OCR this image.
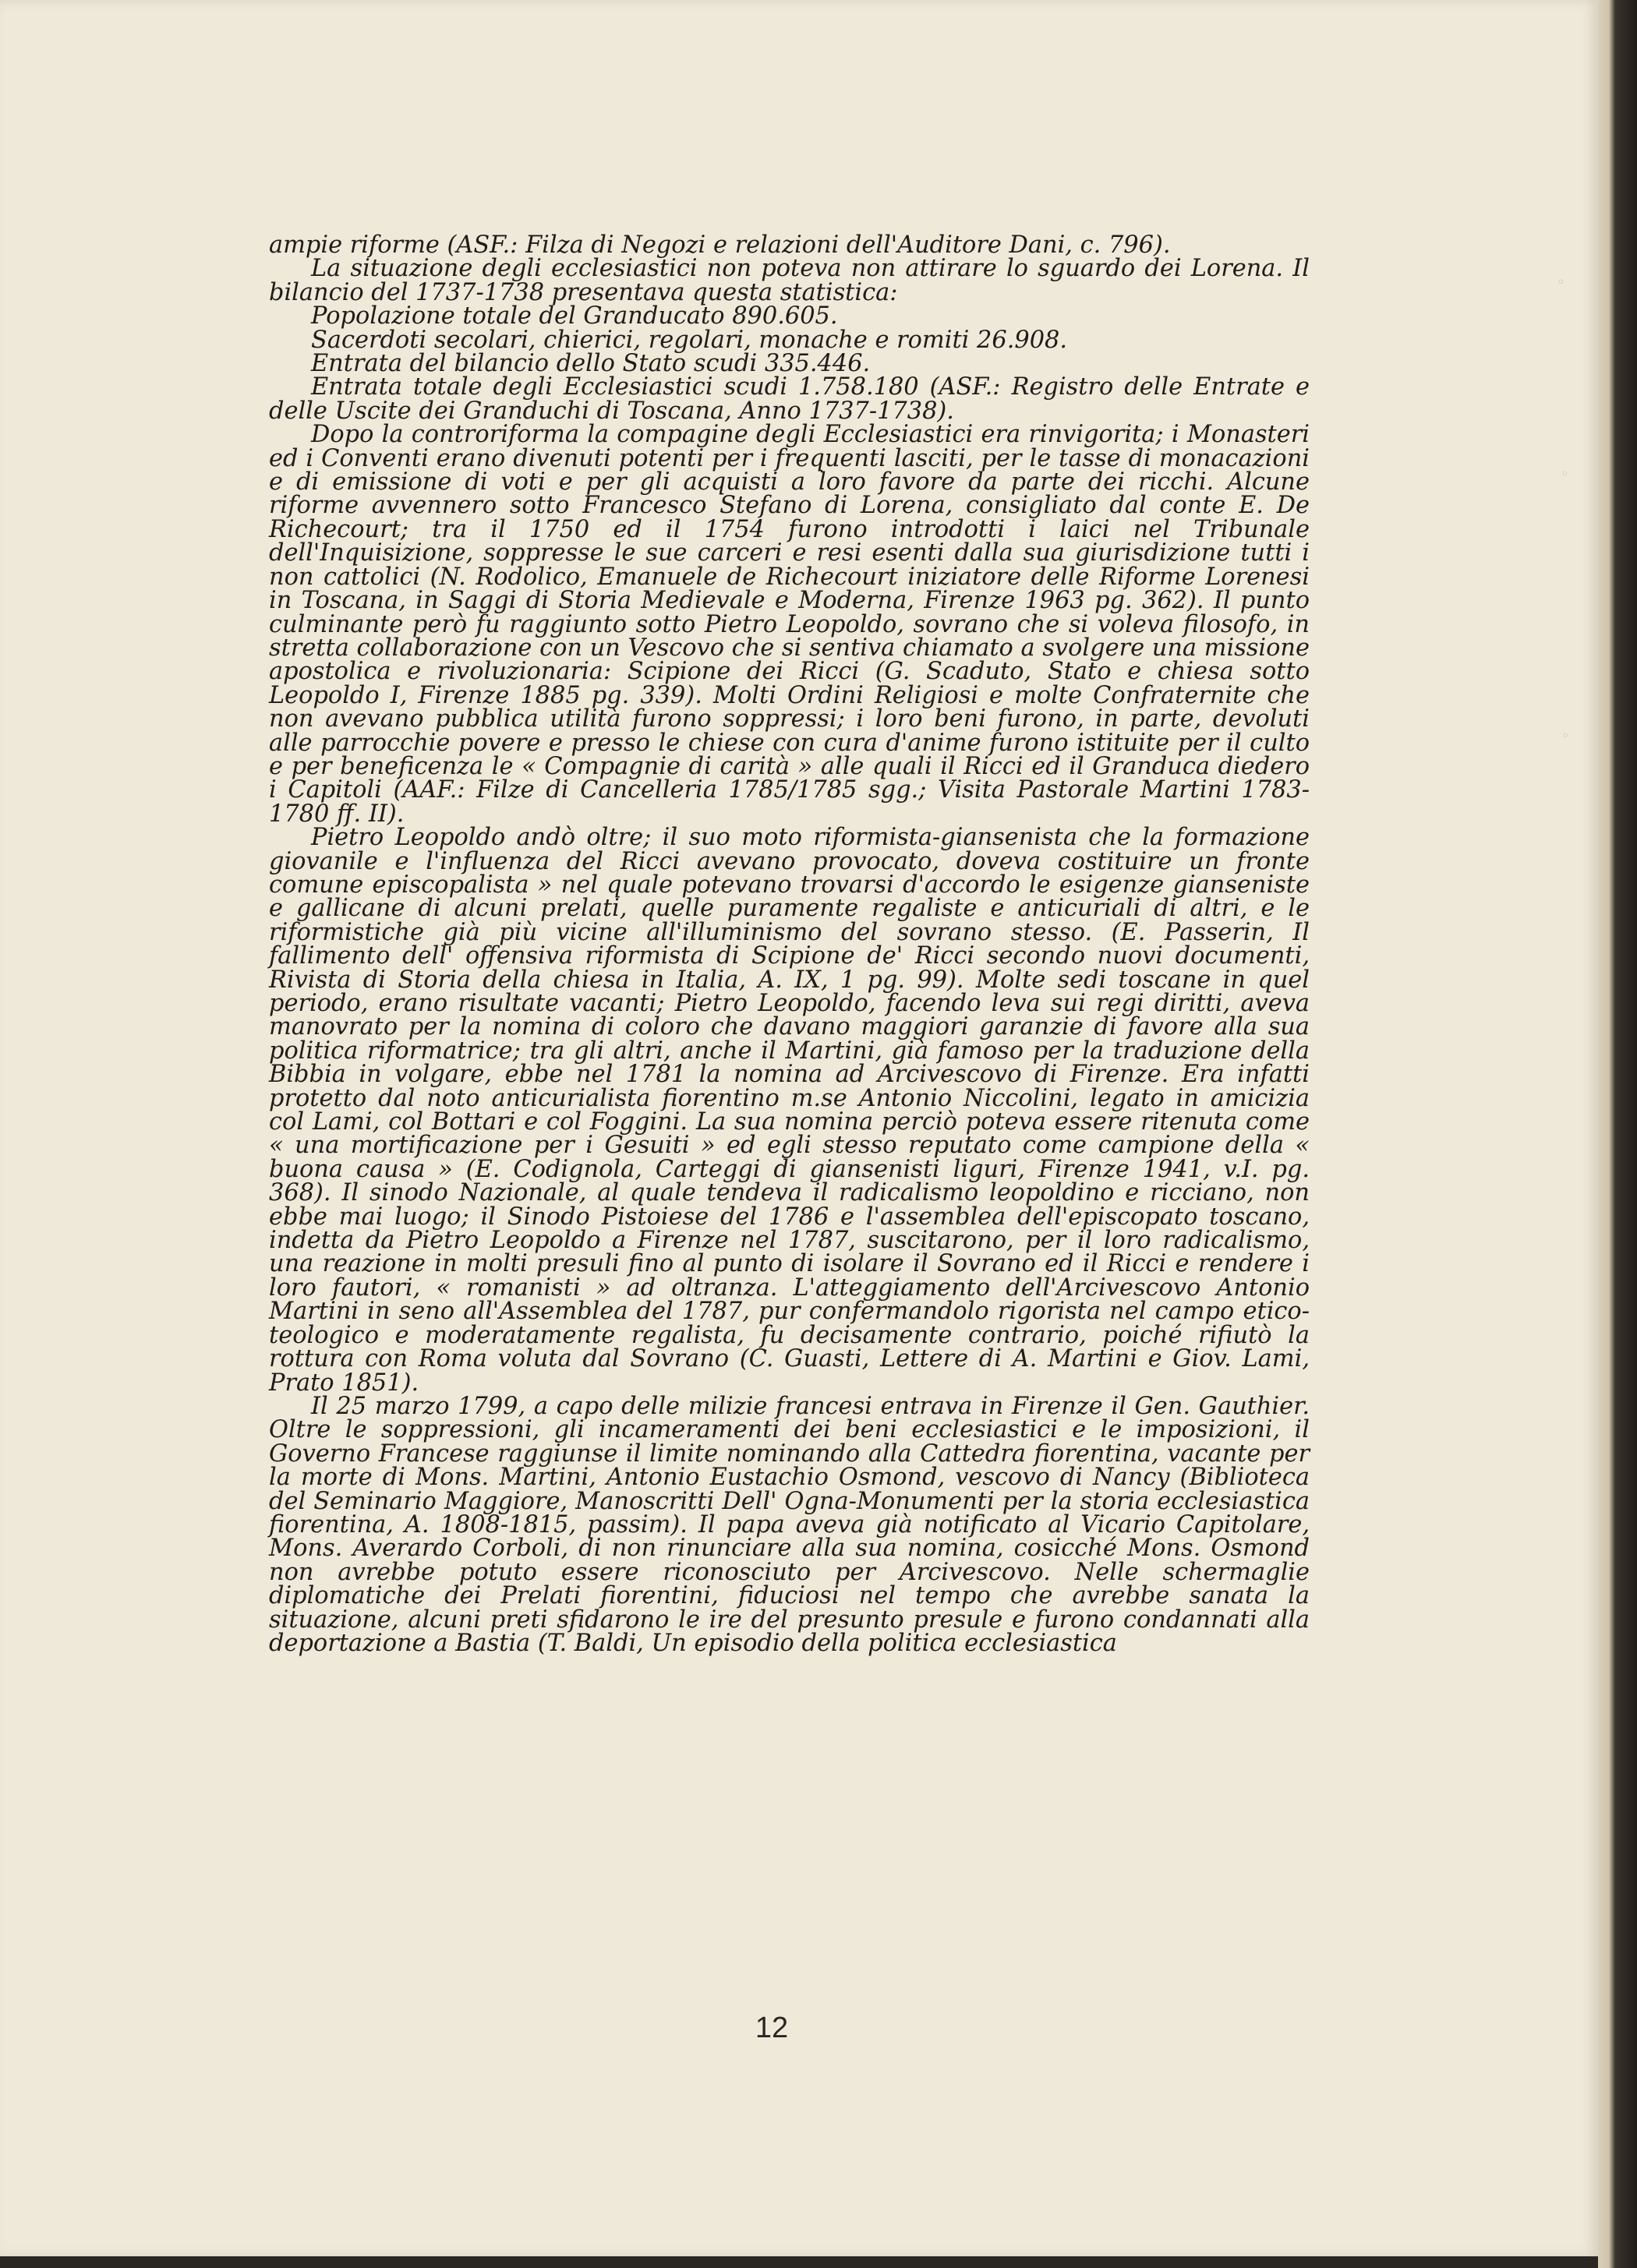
ampie riforme (ASF.: Filza di Negozi e relazioni dell'Auditore Dani, c. 796).

La situazione degli ecclesiastici non poteva non attirare lo sguardo dei Lorena. Il bilancio del 1737-1738 presentava questa statistica:

Popolazione totale del Granducato 890.605.

Sacerdoti secolari, chierici, regolari, monache e romiti 26.908.

Entrata del bilancio dello Stato scudi 335.446.

Entrata totale degli Ecclesiastici scudi 1.758.180 (ASF.: Registro delle Entrate e delle Uscite dei Granduchi di Toscana, Anno 1737-1738).

Dopo la controriforma la compagine degli Ecclesiastici era rinvigorita; i Monasteri ed i Conventi erano divenuti potenti per i frequenti lasciti, per le tasse di monacazioni e di emissione di voti e per gli acquisti a loro favore da parte dei ricchi. Alcune riforme avvennero sotto Francesco Stefano di Lorena, consigliato dal conte E. De Richecourt; tra il 1750 ed il 1754 furono introdotti i laici nel Tribunale dell'Inquisizione, soppresse le sue carceri e resi esenti dalla sua giurisdizione tutti i non cattolici (N. Rodolico, Emanuele de Richecourt iniziatore delle Riforme Lorenesi in Toscana, in Saggi di Storia Medievale e Moderna, Firenze 1963 pg. 362). Il punto culminante però fu raggiunto sotto Pietro Leopoldo, sovrano che si voleva filosofo, in stretta collaborazione con un Vescovo che si sentiva chiamato a svolgere una missione apostolica e rivoluzionaria: Scipione dei Ricci (G. Scaduto, Stato e chiesa sotto Leopoldo I, Firenze 1885 pg. 339). Molti Ordini Religiosi e molte Confraternite che non avevano pubblica utilità furono soppressi; i loro beni furono, in parte, devoluti alle parrocchie povere e presso le chiese con cura d'anime furono istituite per il culto e per beneficenza le « Compagnie di carità » alle quali il Ricci ed il Granduca diedero i Capitoli (AAF.: Filze di Cancelleria 1785/1785 sgg.; Visita Pastorale Martini 1783-1780 ff. II).

Pietro Leopoldo andò oltre; il suo moto riformista-giansenista che la formazione giovanile e l'influenza del Ricci avevano provocato, doveva costituire un fronte comune episcopalista » nel quale potevano trovarsi d'accordo le esigenze gianseniste e gallicane di alcuni prelati, quelle puramente regaliste e anticuriali di altri, e le riformistiche già più vicine all'illuminismo del sovrano stesso. (E. Passerin, Il fallimento dell' offensiva riformista di Scipione de' Ricci secondo nuovi documenti, Rivista di Storia della chiesa in Italia, A. IX, 1 pg. 99). Molte sedi toscane in quel periodo, erano risultate vacanti; Pietro Leopoldo, facendo leva sui regi diritti, aveva manovrato per la nomina di coloro che davano maggiori garanzie di favore alla sua politica riformatrice; tra gli altri, anche il Martini, già famoso per la traduzione della Bibbia in volgare, ebbe nel 1781 la nomina ad Arcivescovo di Firenze. Era infatti protetto dal noto anticurialista fiorentino m.se Antonio Niccolini, legato in amicizia col Lami, col Bottari e col Foggini. La sua nomina perciò poteva essere ritenuta come « una mortificazione per i Gesuiti » ed egli stesso reputato come campione della « buona causa » (E. Codignola, Carteggi di giansenisti liguri, Firenze 1941, v.I. pg. 368). Il sinodo Nazionale, al quale tendeva il radicalismo leopoldino e ricciano, non ebbe mai luogo; il Sinodo Pistoiese del 1786 e l'assemblea dell'episcopato toscano, indetta da Pietro Leopoldo a Firenze nel 1787, suscitarono, per il loro radicalismo, una reazione in molti presuli fino al punto di isolare il Sovrano ed il Ricci e rendere i loro fautori, « romanisti » ad oltranza. L'atteggiamento dell'Arcivescovo Antonio Martini in seno all'Assemblea del 1787, pur confermandolo rigorista nel campo etico- teologico e moderatamente regalista, fu decisamente contrario, poiché rifiutò la rottura con Roma voluta dal Sovrano (C. Guasti, Lettere di A. Martini e Giov. Lami, Prato 1851).

Il 25 marzo 1799, a capo delle milizie francesi entrava in Firenze il Gen. Gauthier. Oltre le soppressioni, gli incameramenti dei beni ecclesiastici e le imposizioni, il Governo Francese raggiunse il limite nominando alla Cattedra fiorentina, vacante per la morte di Mons. Martini, Antonio Eustachio Osmond, vescovo di Nancy (Biblioteca del Seminario Maggiore, Manoscritti Dell' Ogna-Monumenti per la storia ecclesiastica fiorentina, A. 1808-1815, passim). Il papa aveva già notificato al Vicario Capitolare, Mons. Averardo Corboli, di non rinunciare alla sua nomina, cosicché Mons. Osmond non avrebbe potuto essere riconosciuto per Arcivescovo. Nelle schermaglie diplomatiche dei Prelati fiorentini, fiduciosi nel tempo che avrebbe sanata la situazione, alcuni preti sfidarono le ire del presunto presule e furono condannati alla deportazione a Bastia (T. Baldi, Un episodio della politica ecclesiastica

12
◦
◦
◦
